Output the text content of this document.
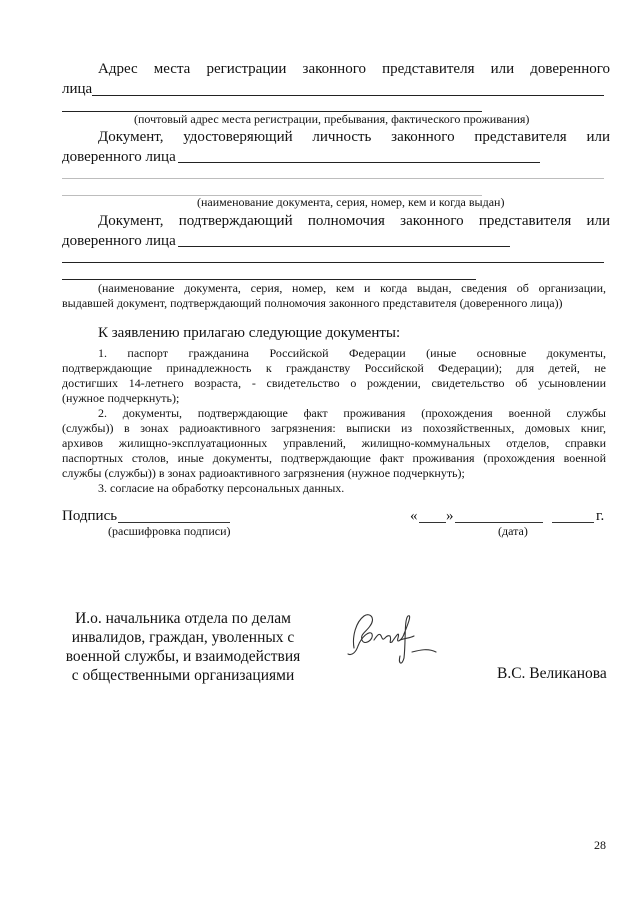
Адрес места регистрации законного представителя или доверенного
лица
(почтовый адрес места регистрации, пребывания, фактического проживания)
Документ, удостоверяющий личность законного представителя или
доверенного лица
(наименование документа, серия, номер, кем и когда выдан)
Документ, подтверждающий полномочия законного представителя или
доверенного лица
(наименование документа, серия, номер, кем и когда выдан, сведения об организации,
выдавшей документ, подтверждающий полномочия законного представителя (доверенного лица))
К заявлению прилагаю следующие документы:
1. паспорт гражданина Российской Федерации (иные основные документы,
подтверждающие принадлежность к гражданству Российской Федерации); для детей, не
достигших 14-летнего возраста, - свидетельство о рождении, свидетельство об усыновлении
(нужное подчеркнуть);
2. документы, подтверждающие факт проживания (прохождения военной службы
(службы)) в зонах радиоактивного загрязнения: выписки из похозяйственных, домовых книг,
архивов жилищно-эксплуатационных управлений, жилищно-коммунальных отделов, справки
паспортных столов, иные документы, подтверждающие факт проживания (прохождения военной
службы (службы)) в зонах радиоактивного загрязнения (нужное подчеркнуть);
3. согласие на обработку персональных данных.
Подпись
(расшифровка подписи)
« »	г.
(дата)
И.о. начальника отдела по делам
инвалидов, граждан, уволенных с
военной службы, и взаимодействия
с общественными организациями	В.С. Великанова
28
